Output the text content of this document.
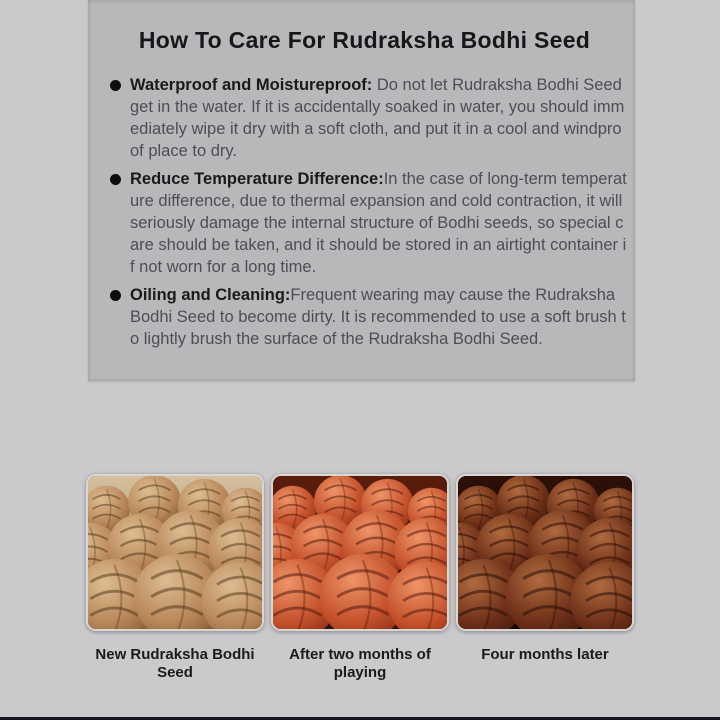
How To Care For Rudraksha Bodhi Seed

Waterproof and Moistureproof: Do not let Rudraksha Bodhi Seed get in the water. If it is accidentally soaked in water, you should immediately wipe it dry with a soft cloth, and put it in a cool and windproof place to dry.

Reduce Temperature Difference:In the case of long-term temperature difference, due to thermal expansion and cold contraction, it will seriously damage the internal structure of Bodhi seeds, so special care should be taken, and it should be stored in an airtight container if not worn for a long time.

Oiling and Cleaning:Frequent wearing may cause the Rudraksha Bodhi Seed to become dirty. It is recommended to use a soft brush to lightly brush the surface of the Rudraksha Bodhi Seed.

New Rudraksha Bodhi Seed
After two months of playing
Four months later
